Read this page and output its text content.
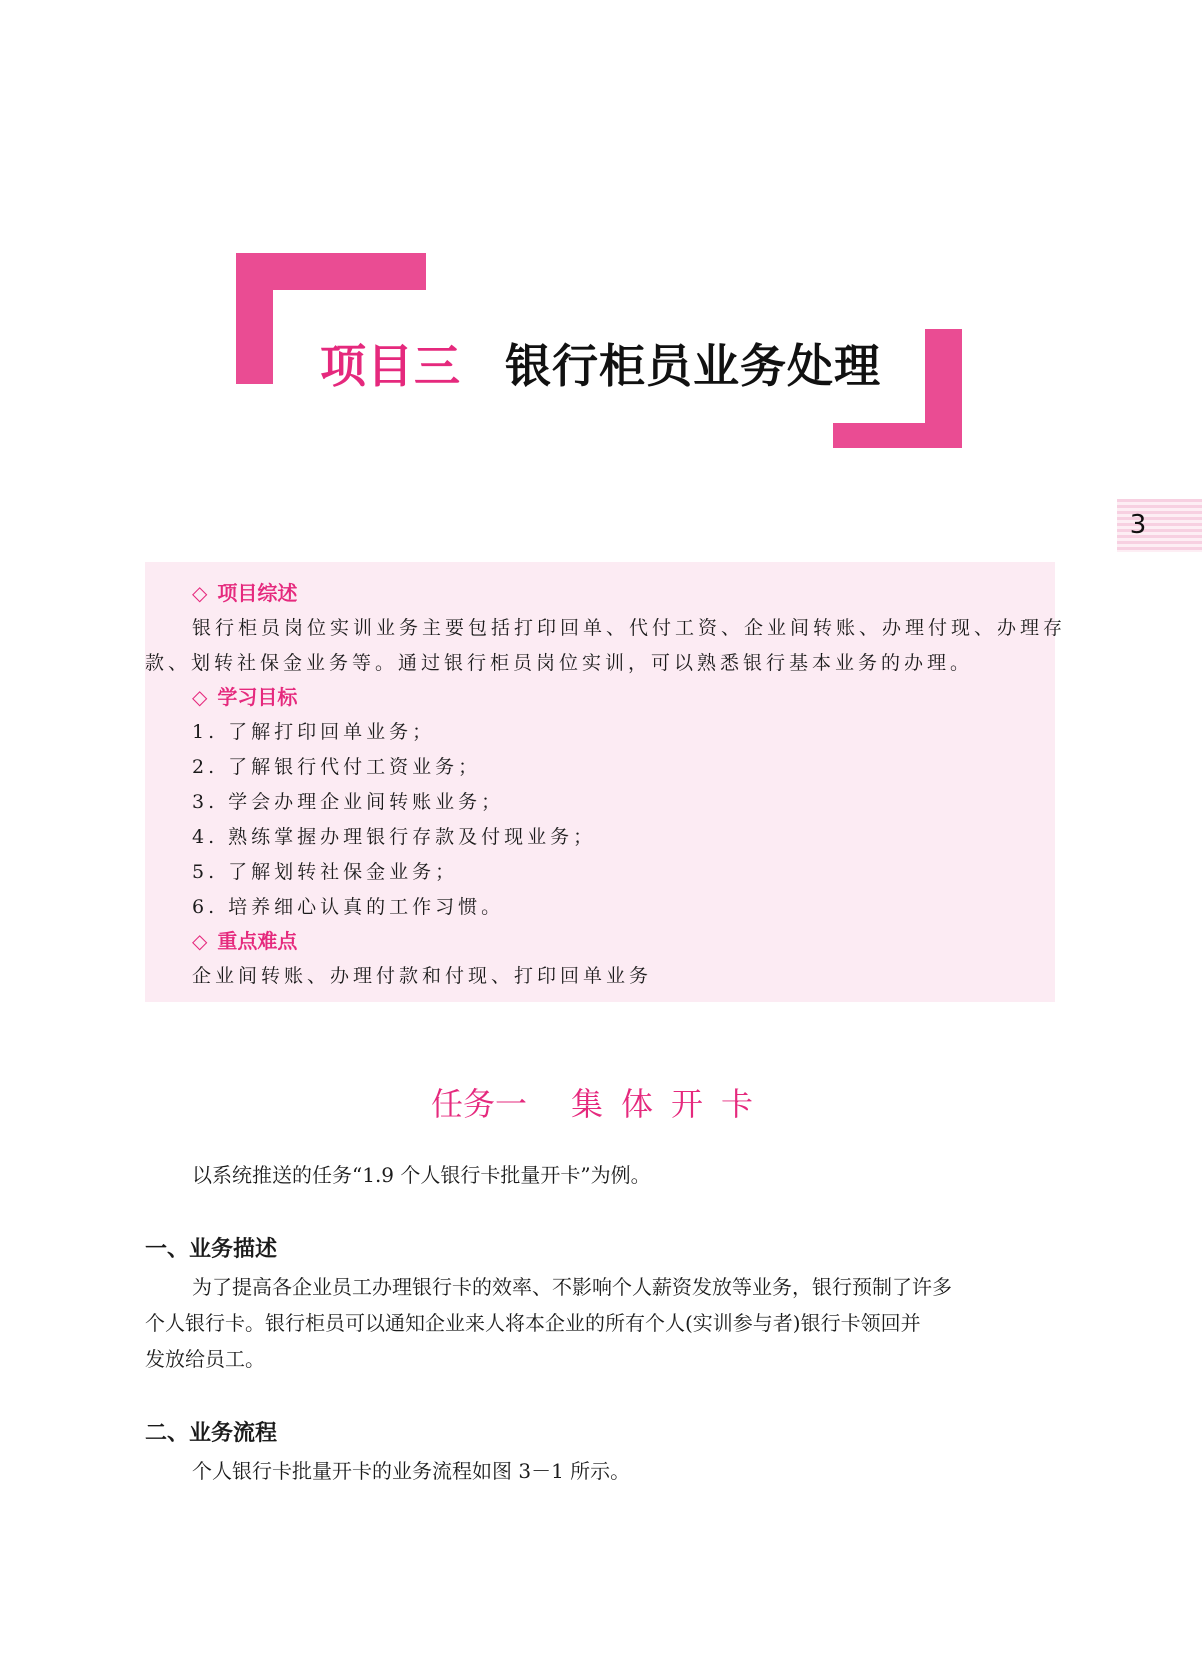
项目三 银行柜员业务处理
3
◇ 项目综述
银行柜员岗位实训业务主要包括打印回单、代付工资、企业间转账、办理付现、办理存
款、划转社保金业务等。通过银行柜员岗位实训，可以熟悉银行基本业务的办理。
◇ 学习目标
1. 了解打印回单业务；
2. 了解银行代付工资业务；
3. 学会办理企业间转账业务；
4. 熟练掌握办理银行存款及付现业务；
5. 了解划转社保金业务；
6. 培养细心认真的工作习惯。
◇ 重点难点
企业间转账、办理付款和付现、打印回单业务
任务一 集体开卡
以系统推送的任务“1.9 个人银行卡批量开卡”为例。
一、业务描述
为了提高各企业员工办理银行卡的效率、不影响个人薪资发放等业务，银行预制了许多
个人银行卡。银行柜员可以通知企业来人将本企业的所有个人(实训参与者)银行卡领回并
发放给员工。
二、业务流程
个人银行卡批量开卡的业务流程如图 3－1 所示。
